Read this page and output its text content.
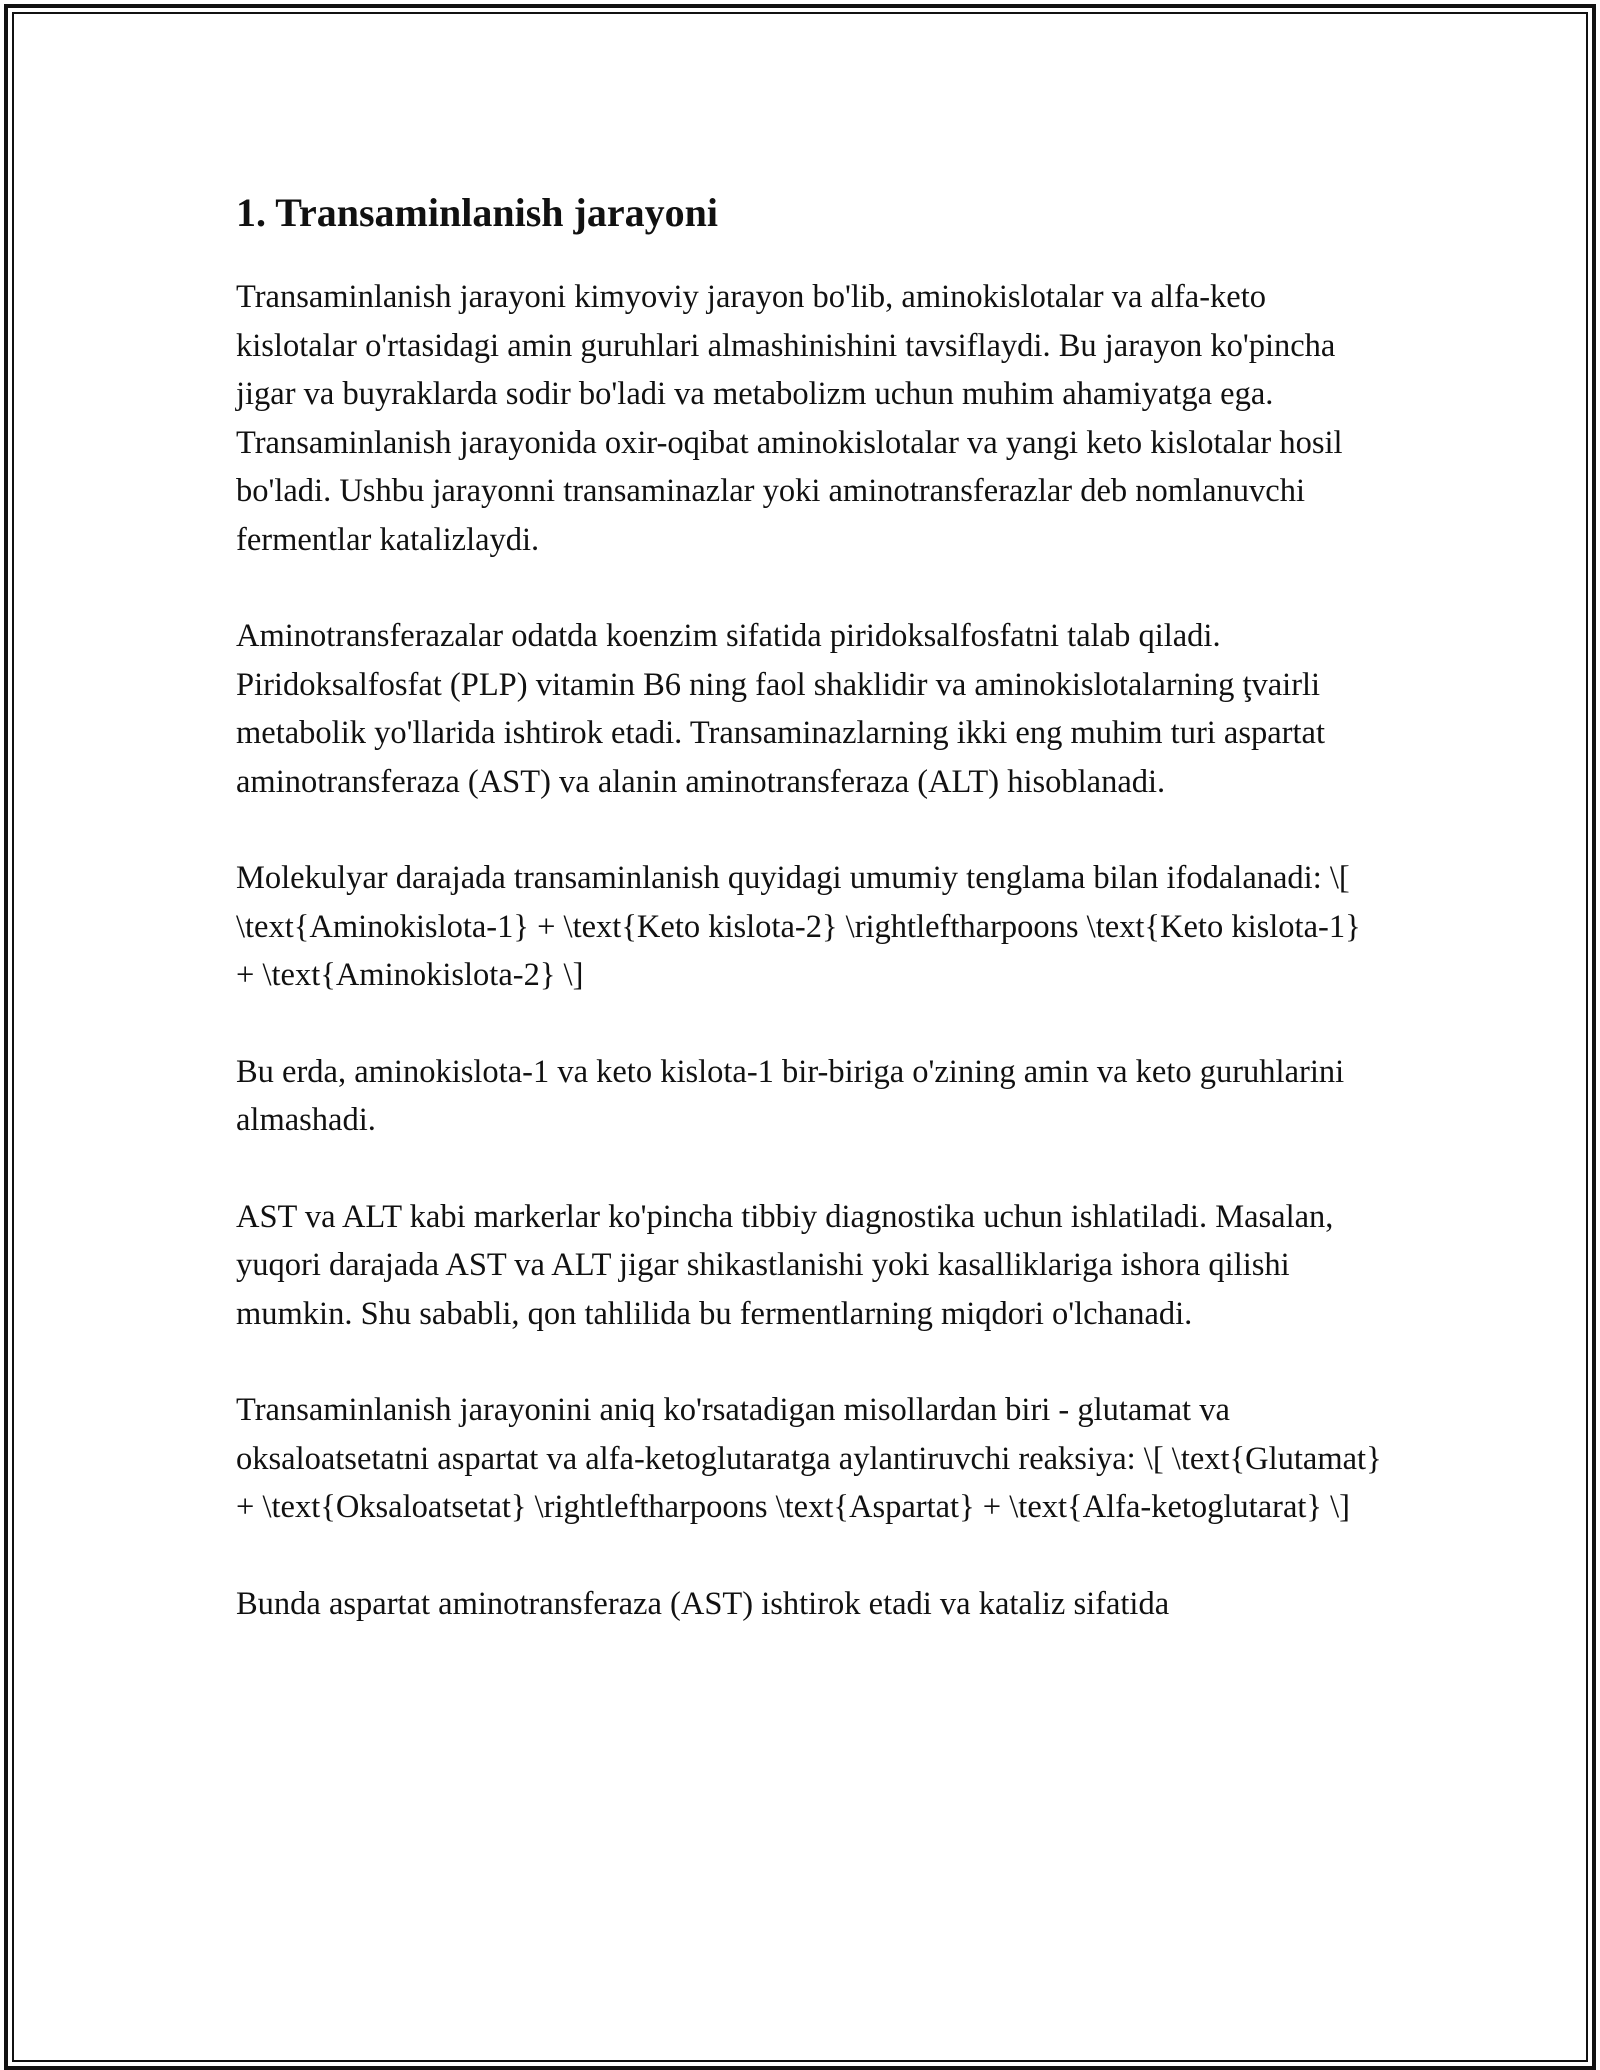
1. Transaminlanish jarayoni

Transaminlanish jarayoni kimyoviy jarayon bo'lib, aminokislotalar va alfa-keto kislotalar o'rtasidagi amin guruhlari almashinishini tavsiflaydi. Bu jarayon ko'pincha jigar va buyraklarda sodir bo'ladi va metabolizm uchun muhim ahamiyatga ega. Transaminlanish jarayonida oxir-oqibat aminokislotalar va yangi keto kislotalar hosil bo'ladi. Ushbu jarayonni transaminazlar yoki aminotransferazlar deb nomlanuvchi fermentlar katalizlaydi.

Aminotransferazalar odatda koenzim sifatida piridoksalfosfatni talab qiladi. Piridoksalfosfat (PLP) vitamin B6 ning faol shaklidir va aminokislotalarning ţvairli metabolik yo'llarida ishtirok etadi. Transaminazlarning ikki eng muhim turi aspartat aminotransferaza (AST) va alanin aminotransferaza (ALT) hisoblanadi.

Molekulyar darajada transaminlanish quyidagi umumiy tenglama bilan ifodalanadi: \[ \text{Aminokislota-1} + \text{Keto kislota-2} \rightleftharpoons \text{Keto kislota-1} + \text{Aminokislota-2} \]

Bu erda, aminokislota-1 va keto kislota-1 bir-biriga o'zining amin va keto guruhlarini almashadi.

AST va ALT kabi markerlar ko'pincha tibbiy diagnostika uchun ishlatiladi. Masalan, yuqori darajada AST va ALT jigar shikastlanishi yoki kasalliklariga ishora qilishi mumkin. Shu sababli, qon tahlilida bu fermentlarning miqdori o'lchanadi.

Transaminlanish jarayonini aniq ko'rsatadigan misollardan biri - glutamat va oksaloatsetatni aspartat va alfa-ketoglutaratga aylantiruvchi reaksiya: \[ \text{Glutamat} + \text{Oksaloatsetat} \rightleftharpoons \text{Aspartat} + \text{Alfa-ketoglutarat} \]

Bunda aspartat aminotransferaza (AST) ishtirok etadi va kataliz sifatida
